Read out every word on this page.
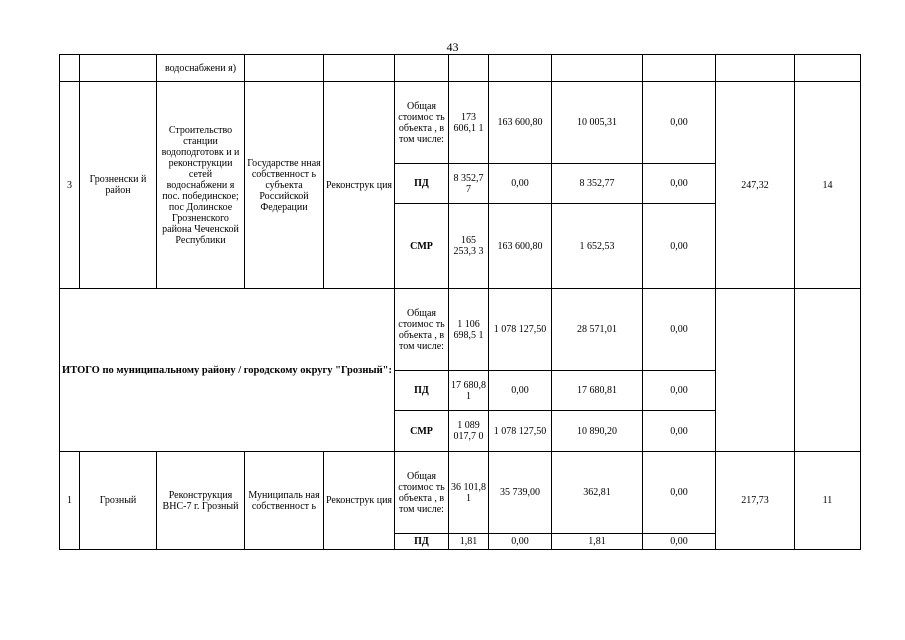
43
		водоснабжени я)									
3	Грозненски й район	Строительство станции водоподготовк и и реконструкции сетей водоснабжени я пос. побединское; пос Долинское Грозненского района Чеченской Республики	Государстве нная собственност ь субъекта Российской Федерации	Реконструк ция	Общая стоимос ть объекта , в том числе:	173 606,1 1	163 600,80	10 005,31	0,00	247,32	14
					ПД	8 352,7 7	0,00	8 352,77	0,00		
					СМР	165 253,3 3	163 600,80	1 652,53	0,00		
ИТОГО по муниципальному району / городскому округу "Грозный":					Общая стоимос ть объекта , в том числе:	1 106 698,5 1	1 078 127,50	28 571,01	0,00		
					ПД	17 680,8 1	0,00	17 680,81	0,00		
					СМР	1 089 017,7 0	1 078 127,50	10 890,20	0,00		
1	Грозный	Реконструкция ВНС-7 г. Грозный	Муниципаль ная собственност ь	Реконструк ция	Общая стоимос ть объекта , в том числе:	36 101,8 1	35 739,00	362,81	0,00	217,73	11
					ПД	1,81	0,00	1,81	0,00		
